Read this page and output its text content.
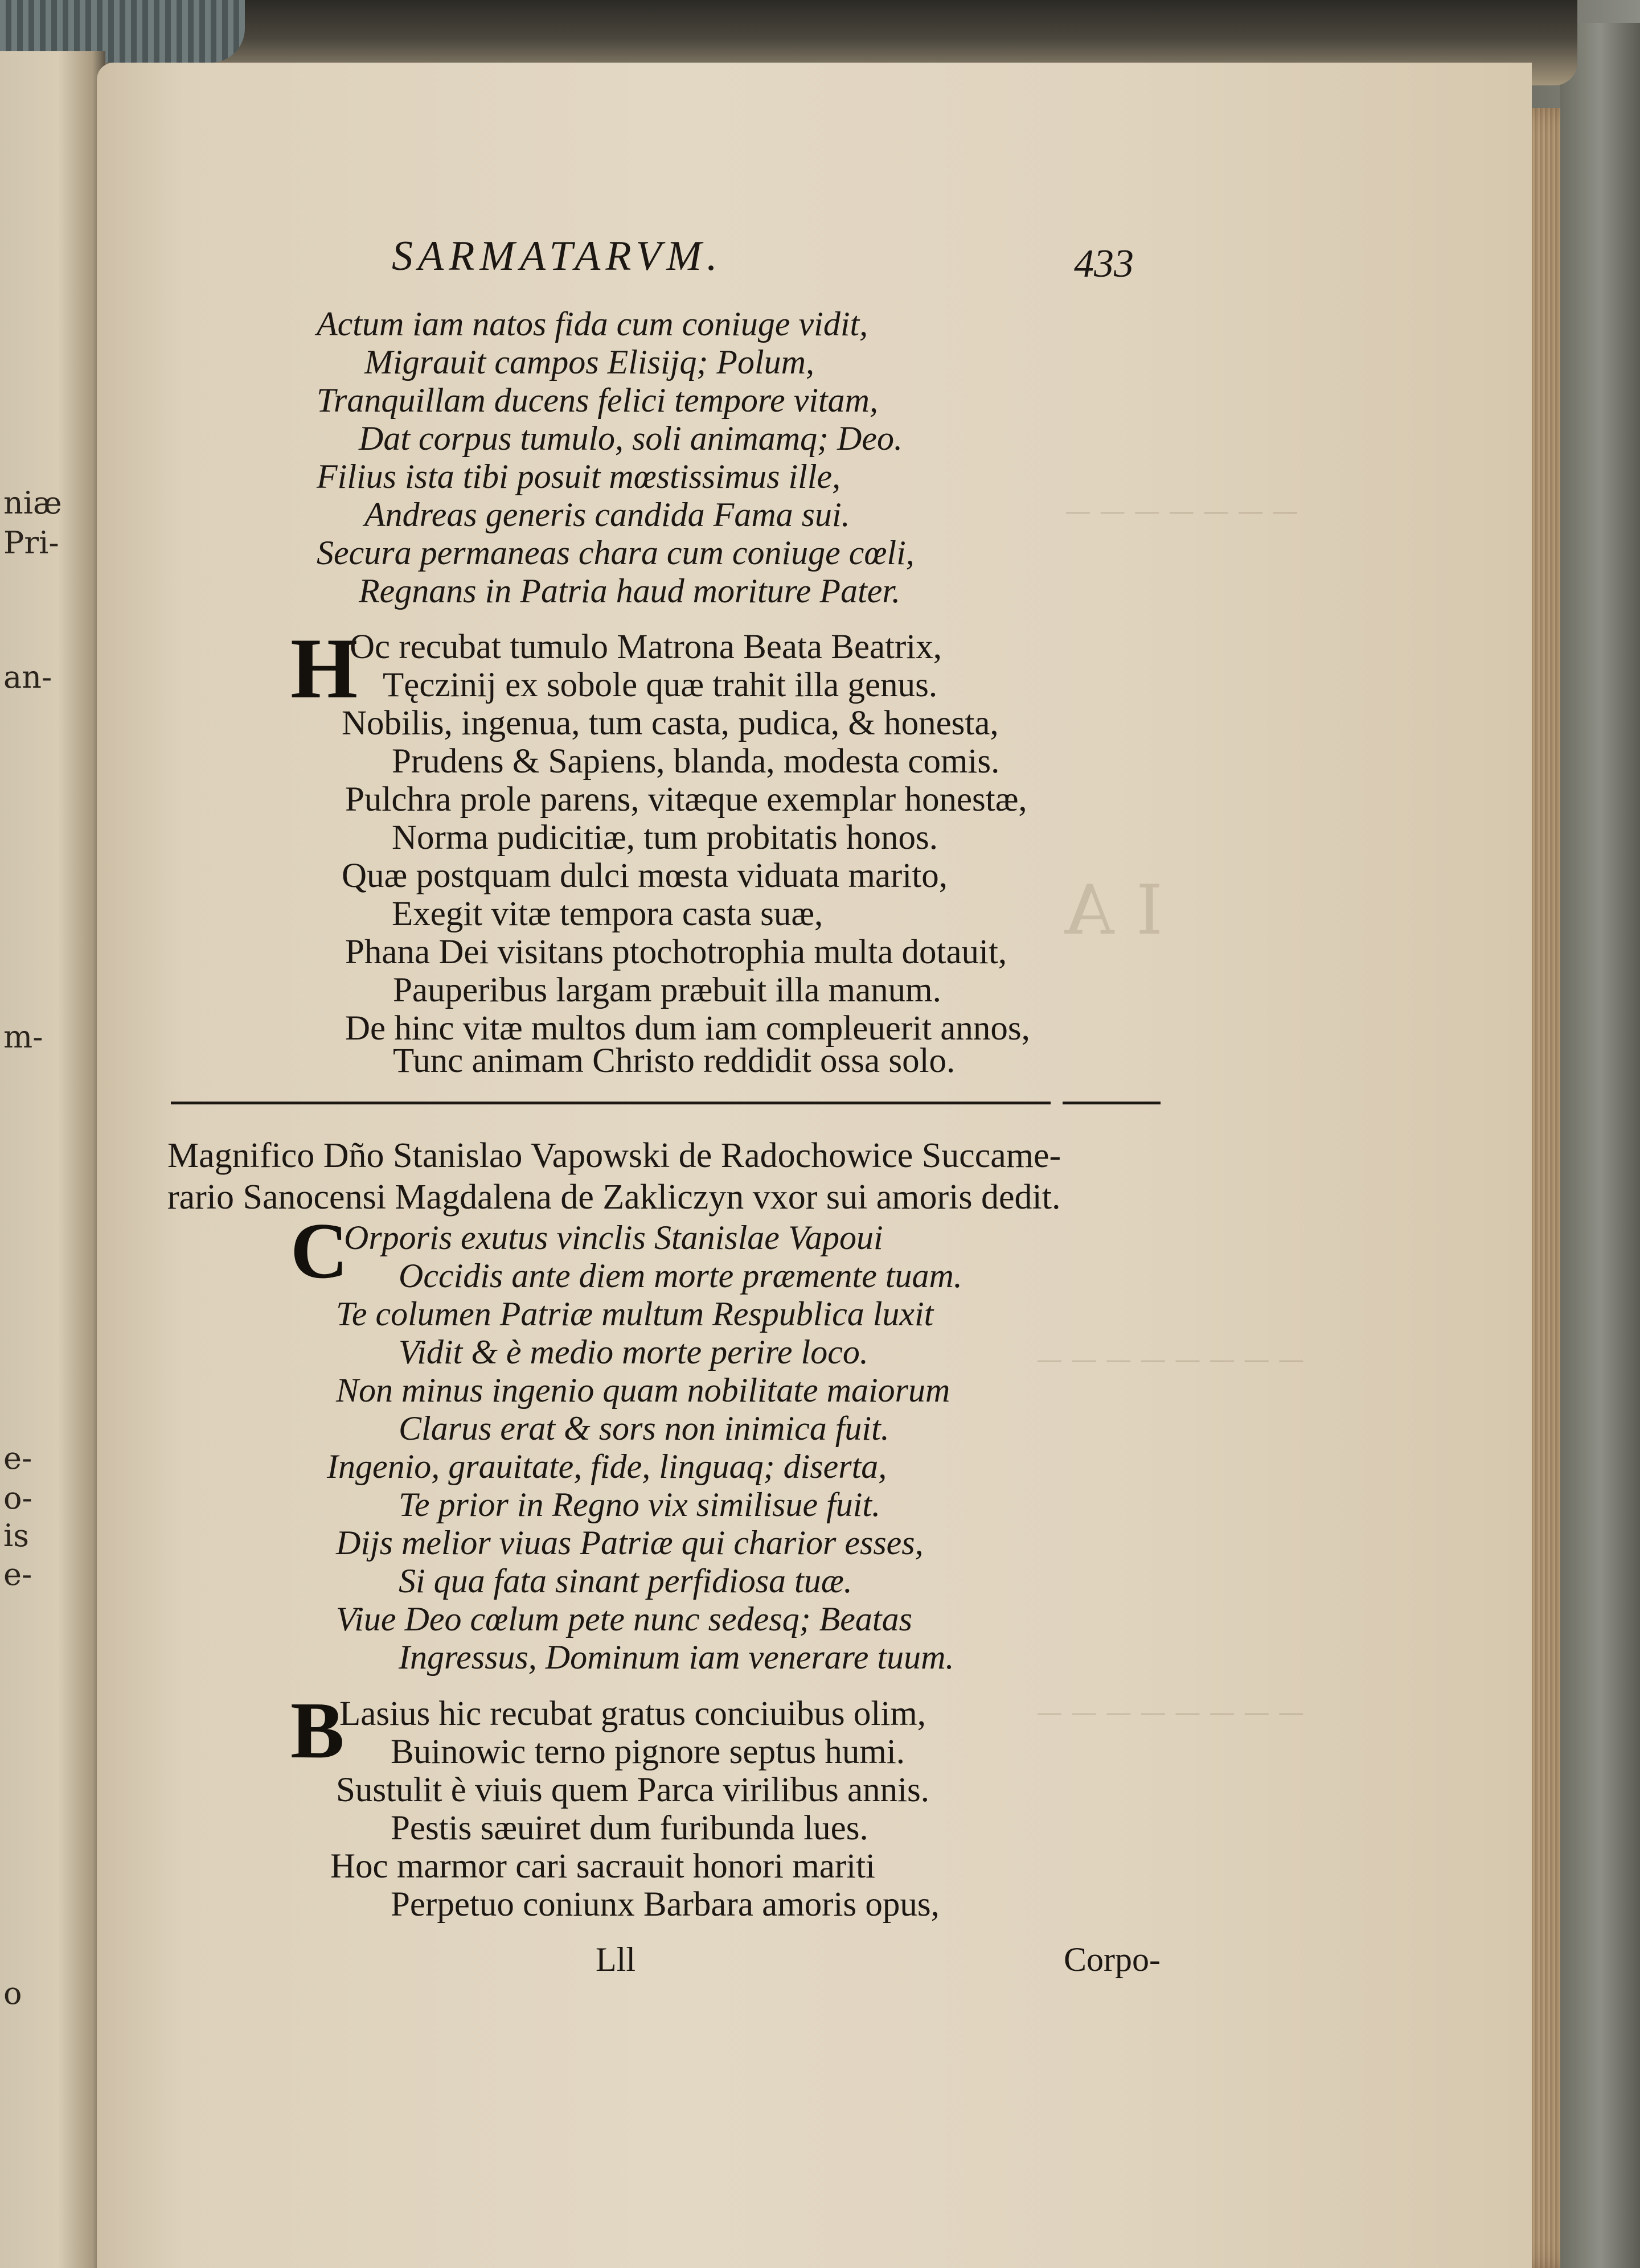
niæ
Pri-
an-
m-
e-
o-
is
e-
o
— — — — — — —
I A
— — — — — — — —
— — — — — — — —
SARMATARVM.	433
Actum iam natos fida cum coniuge vidit,
Migrauit campos Elisijq; Polum,
Tranquillam ducens felici tempore vitam,
Dat corpus tumulo, soli animamq; Deo.
Filius ista tibi posuit mœstissimus ille,
Andreas generis candida Fama sui.
Secura permaneas chara cum coniuge cœli,
Regnans in Patria haud moriture Pater.
H
Oc recubat tumulo Matrona Beata Beatrix,
Tęczinij ex sobole quæ trahit illa genus.
Nobilis, ingenua, tum casta, pudica, & honesta,
Prudens & Sapiens, blanda, modesta comis.
Pulchra prole parens, vitæque exemplar honestæ,
Norma pudicitiæ, tum probitatis honos.
Quæ postquam dulci mœsta viduata marito,
Exegit vitæ tempora casta suæ,
Phana Dei visitans ptochotrophia multa dotauit,
Pauperibus largam præbuit illa manum.
De hinc vitæ multos dum iam compleuerit annos,
Tunc animam Christo reddidit ossa solo.
Magnifico Dño Stanislao Vapowski de Radochowice Succame-
rario Sanocensi Magdalena de Zakliczyn vxor sui amoris dedit.
C
Orporis exutus vinclis Stanislae Vapoui
Occidis ante diem morte præmente tuam.
Te columen Patriæ multum Respublica luxit
Vidit & è medio morte perire loco.
Non minus ingenio quam nobilitate maiorum
Clarus erat & sors non inimica fuit.
Ingenio, grauitate, fide, linguaq; diserta,
Te prior in Regno vix similisue fuit.
Dijs melior viuas Patriæ qui charior esses,
Si qua fata sinant perfidiosa tuæ.
Viue Deo cœlum pete nunc sedesq; Beatas
Ingressus, Dominum iam venerare tuum.
B
Lasius hic recubat gratus conciuibus olim,
Buinowic terno pignore septus humi.
Sustulit è viuis quem Parca virilibus annis.
Pestis sæuiret dum furibunda lues.
Hoc marmor cari sacrauit honori mariti
Perpetuo coniunx Barbara amoris opus,
Lll	Corpo-
